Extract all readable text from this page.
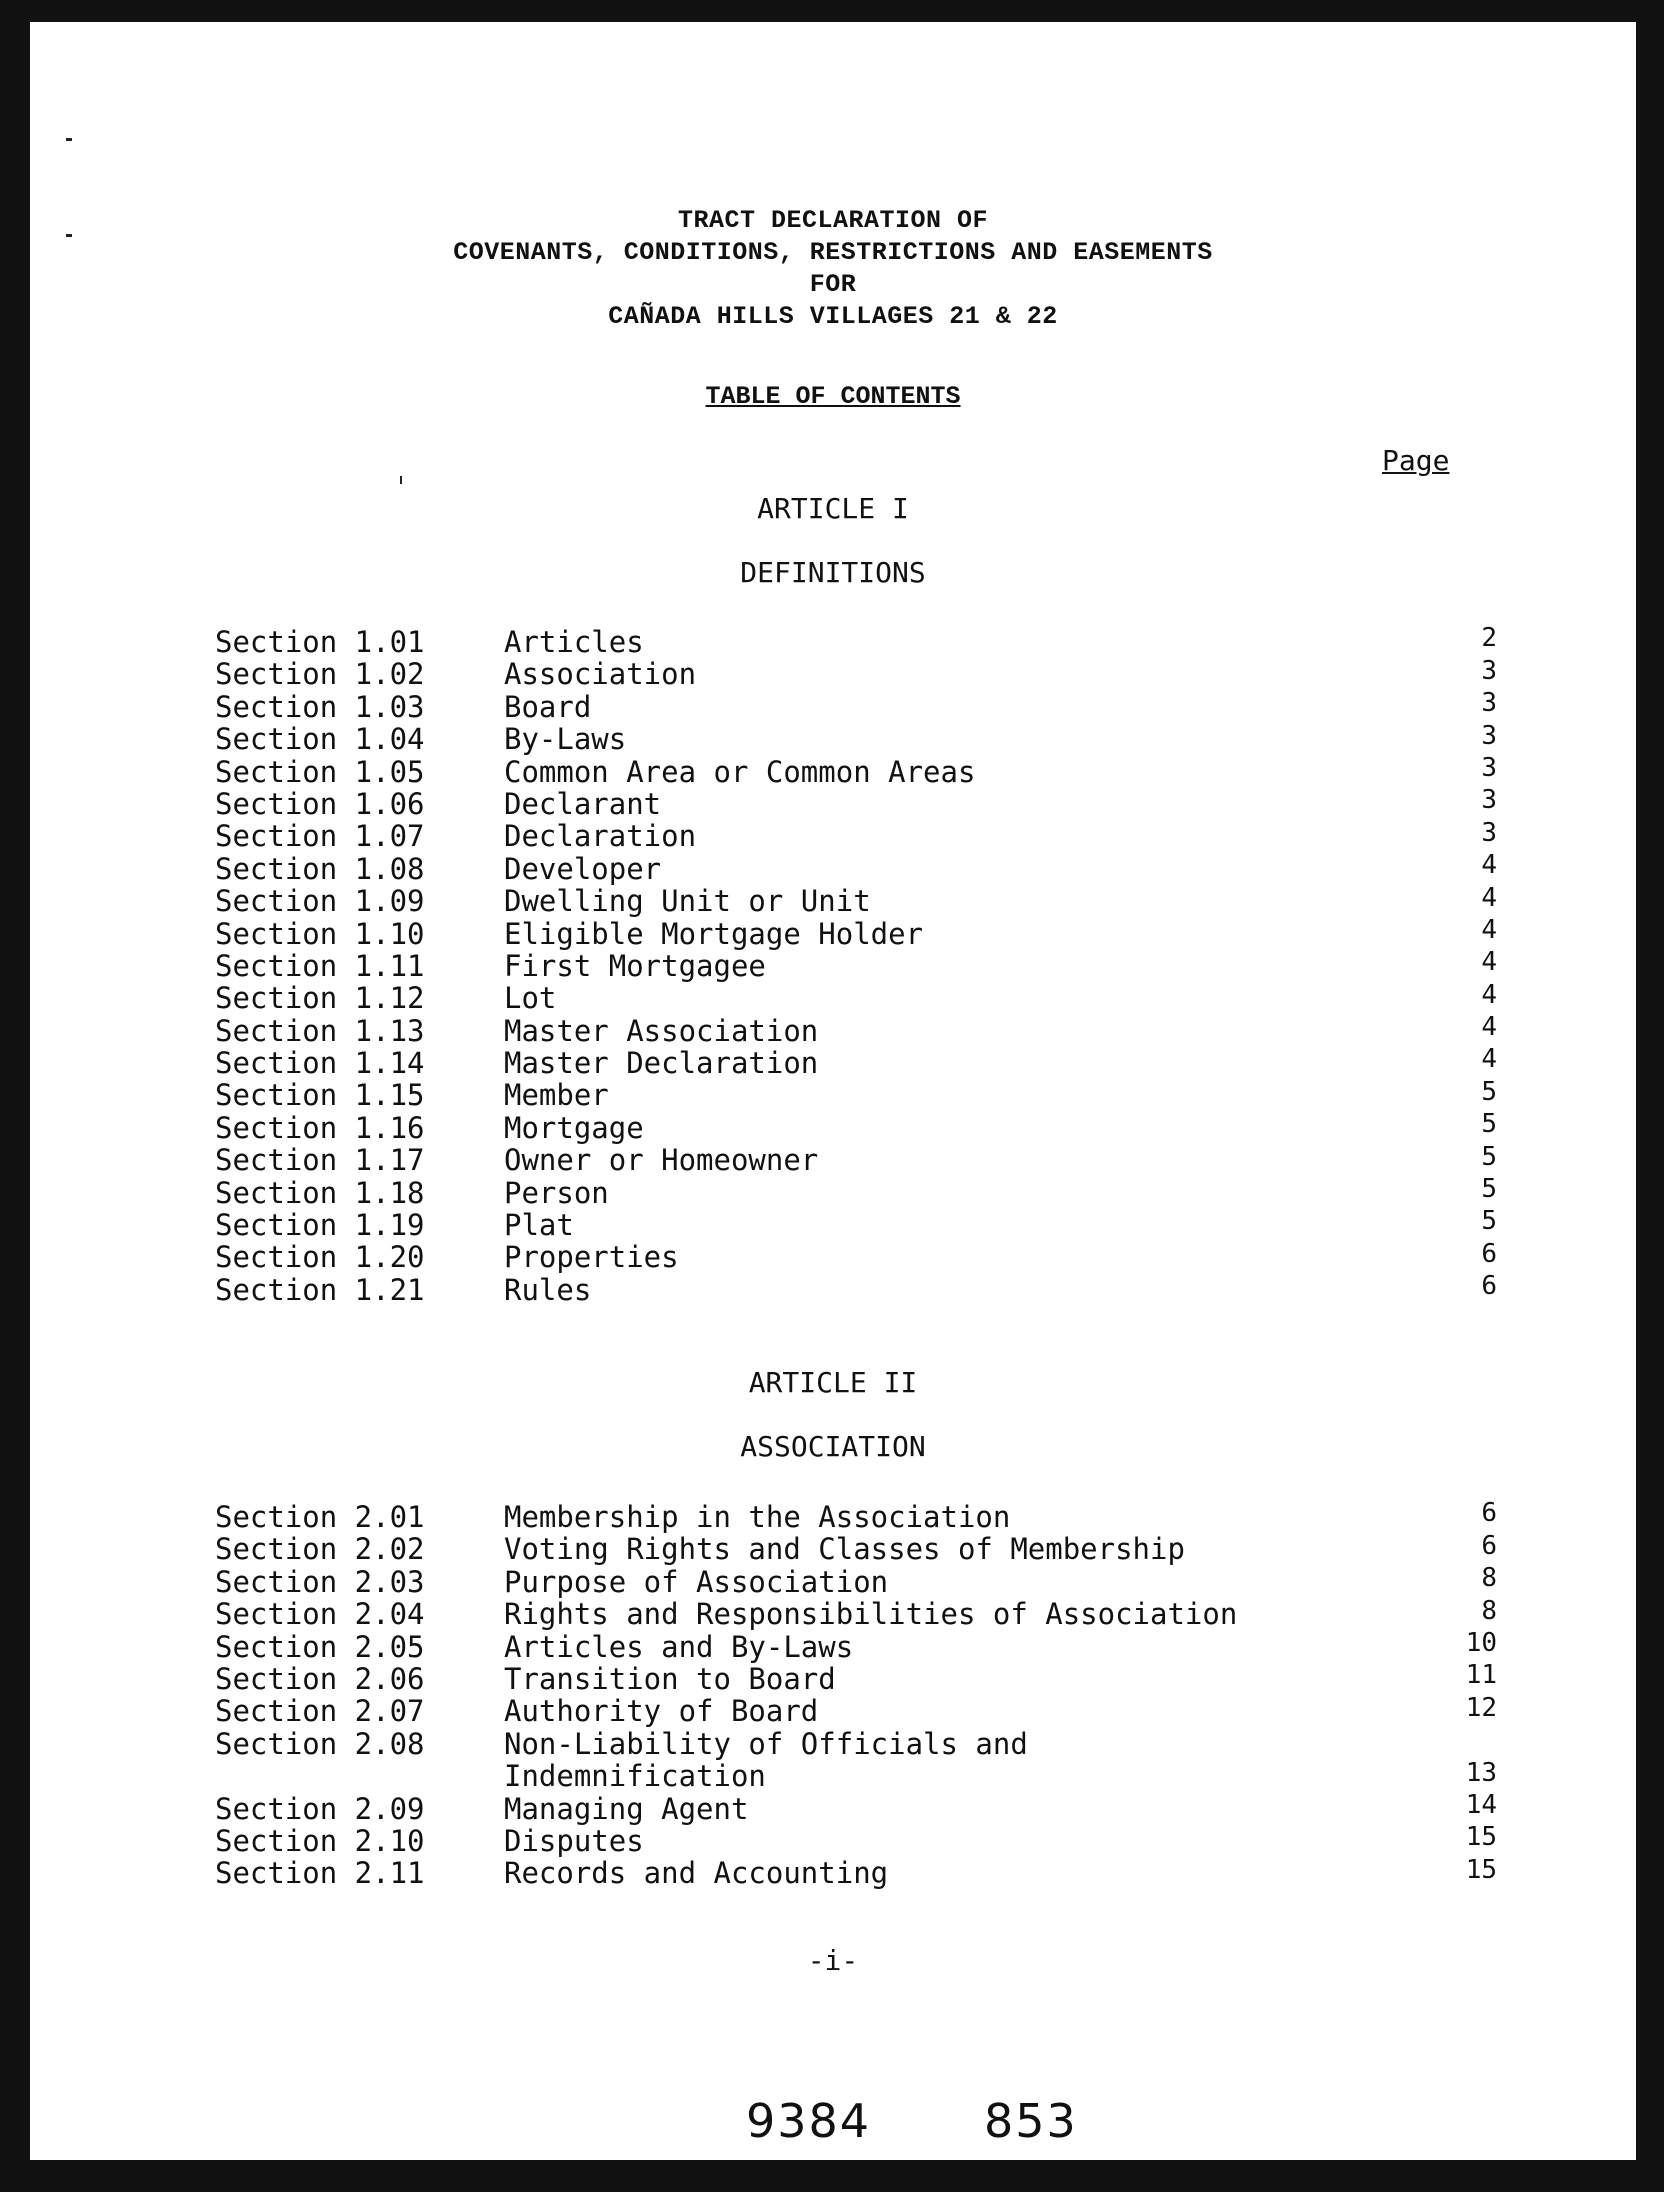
TRACT DECLARATION OF
COVENANTS, CONDITIONS, RESTRICTIONS AND EASEMENTS
FOR
CAÑADA HILLS VILLAGES 21 & 22
TABLE OF CONTENTS
Page
ARTICLE I
DEFINITIONS
Section 1.01	Articles	2
Section 1.02	Association	3
Section 1.03	Board	3
Section 1.04	By-Laws	3
Section 1.05	Common Area or Common Areas	3
Section 1.06	Declarant	3
Section 1.07	Declaration	3
Section 1.08	Developer	4
Section 1.09	Dwelling Unit or Unit	4
Section 1.10	Eligible Mortgage Holder	4
Section 1.11	First Mortgagee	4
Section 1.12	Lot	4
Section 1.13	Master Association	4
Section 1.14	Master Declaration	4
Section 1.15	Member	5
Section 1.16	Mortgage	5
Section 1.17	Owner or Homeowner	5
Section 1.18	Person	5
Section 1.19	Plat	5
Section 1.20	Properties	6
Section 1.21	Rules	6
ARTICLE II
ASSOCIATION
Section 2.01	Membership in the Association	6
Section 2.02	Voting Rights and Classes of Membership	6
Section 2.03	Purpose of Association	8
Section 2.04	Rights and Responsibilities of Association	8
Section 2.05	Articles and By-Laws	10
Section 2.06	Transition to Board	11
Section 2.07	Authority of Board	12
Section 2.08	Non-Liability of Officials and
Indemnification	13
Section 2.09	Managing Agent	14
Section 2.10	Disputes	15
Section 2.11	Records and Accounting	15
-i-
9384 853
